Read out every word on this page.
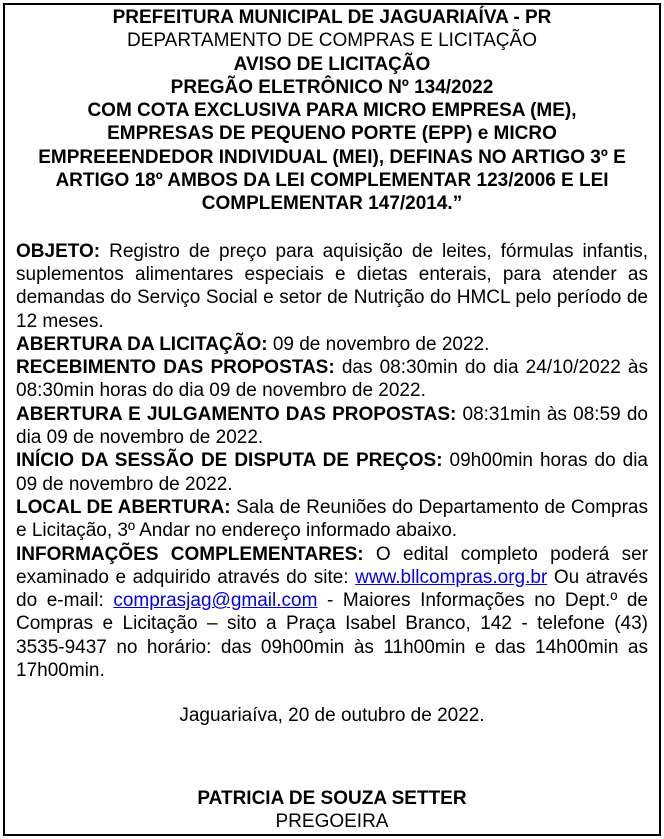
PREFEITURA MUNICIPAL DE JAGUARIAÍVA - PR
DEPARTAMENTO DE COMPRAS E LICITAÇÃO
AVISO DE LICITAÇÃO
PREGÃO ELETRÔNICO Nº 134/2022
COM COTA EXCLUSIVA PARA MICRO EMPRESA (ME),
EMPRESAS DE PEQUENO PORTE (EPP) e MICRO
EMPREEENDEDOR INDIVIDUAL (MEI), DEFINAS NO ARTIGO 3º E
ARTIGO 18º AMBOS DA LEI COMPLEMENTAR 123/2006 E LEI
COMPLEMENTAR 147/2014.”

OBJETO: Registro de preço para aquisição de leites, fórmulas infantis, suplementos alimentares especiais e dietas enterais, para atender as demandas do Serviço Social e setor de Nutrição do HMCL pelo período de 12 meses.

ABERTURA DA LICITAÇÃO: 09 de novembro de 2022.

RECEBIMENTO DAS PROPOSTAS: das 08:30min do dia 24/10/2022 às 08:30min horas do dia 09 de novembro de 2022.

ABERTURA E JULGAMENTO DAS PROPOSTAS: 08:31min às 08:59 do dia 09 de novembro de 2022.

INÍCIO DA SESSÃO DE DISPUTA DE PREÇOS: 09h00min horas do dia 09 de novembro de 2022.

LOCAL DE ABERTURA: Sala de Reuniões do Departamento de Compras e Licitação, 3º Andar no endereço informado abaixo.

INFORMAÇÕES COMPLEMENTARES: O edital completo poderá ser examinado e adquirido através do site: www.bllcompras.org.br Ou através do e-mail: comprasjag@gmail.com - Maiores Informações no Dept.º de Compras e Licitação – sito a Praça Isabel Branco, 142 - telefone (43) 3535-9437 no horário: das 09h00min às 11h00min e das 14h00min as 17h00min.

Jaguariaíva, 20 de outubro de 2022.
PATRICIA DE SOUZA SETTER
PREGOEIRA
